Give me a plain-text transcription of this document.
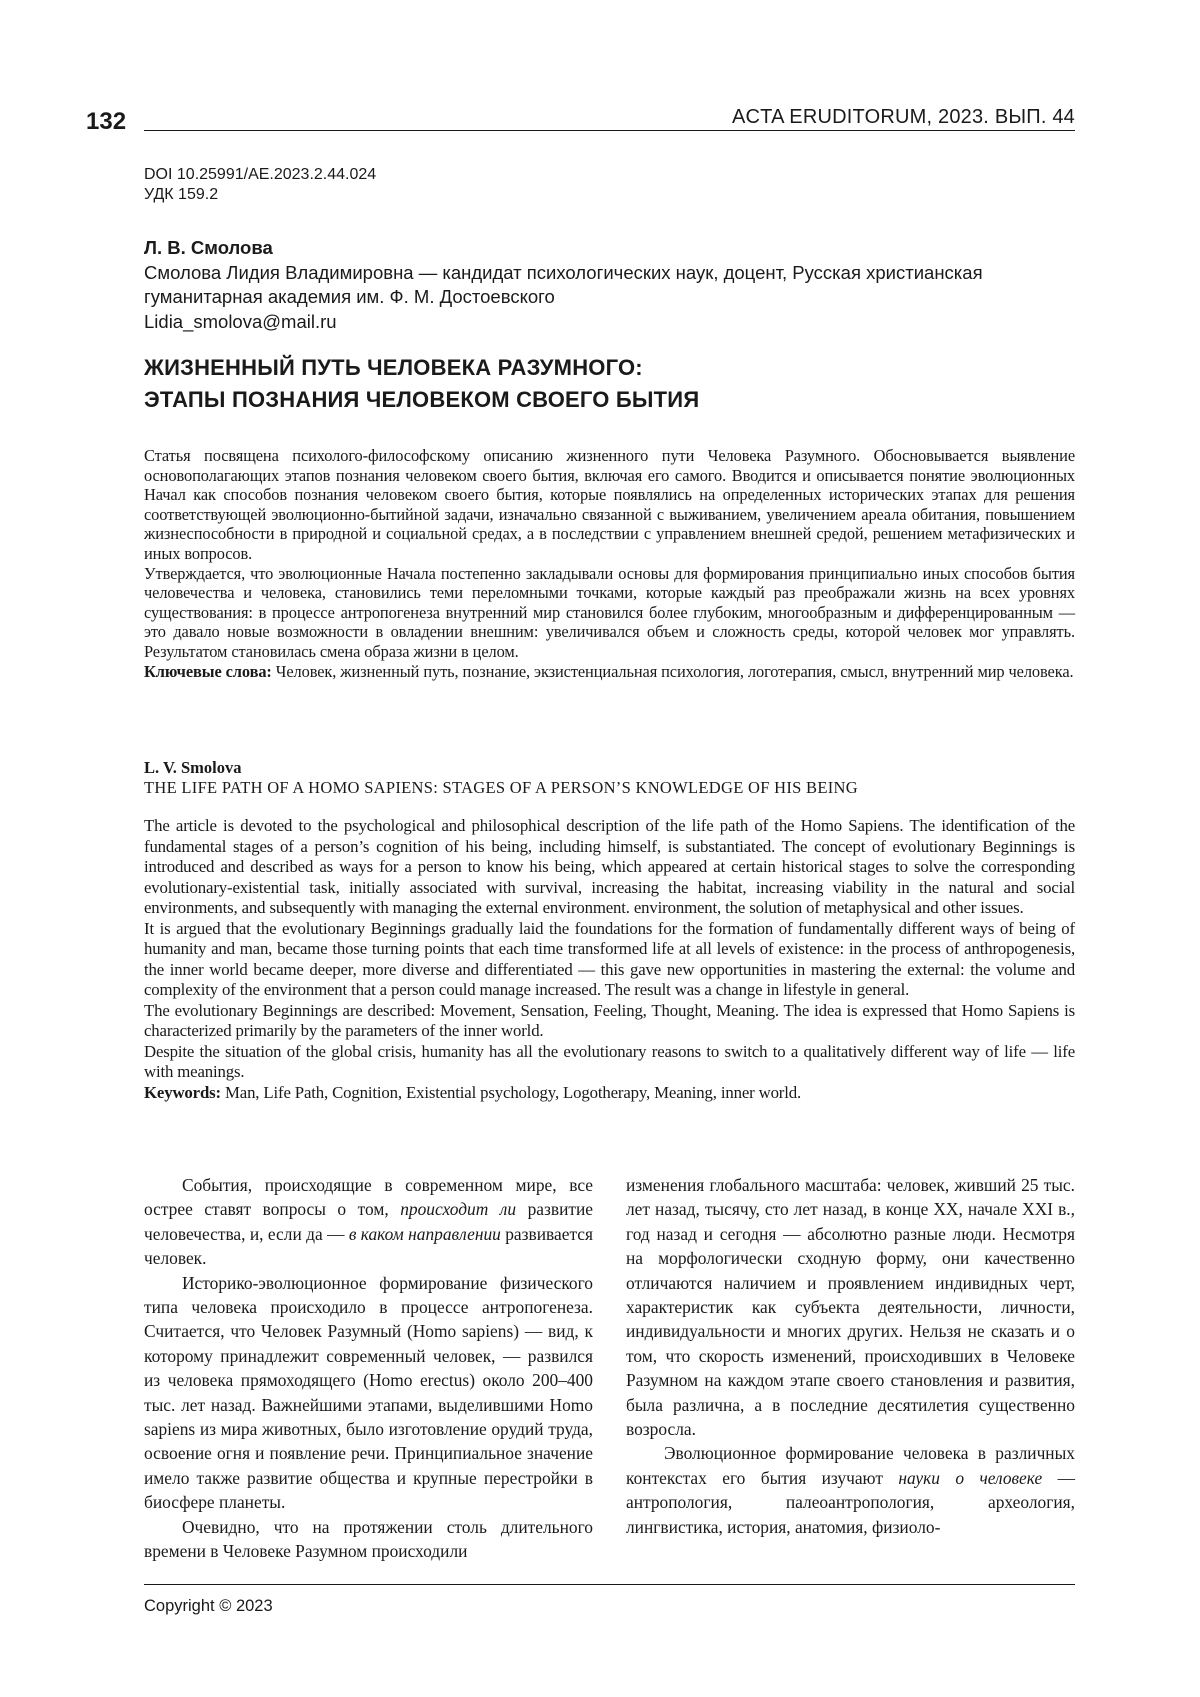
132	ACTA ERUDITORUM, 2023. ВЫП. 44
DOI 10.25991/AE.2023.2.44.024
УДК 159.2
Л. В. Смолова
Смолова Лидия Владимировна — кандидат психологических наук, доцент, Русская христианская гуманитарная академия им. Ф. М. Достоевского
Lidia_smolova@mail.ru
ЖИЗНЕННЫЙ ПУТЬ ЧЕЛОВЕКА РАЗУМНОГО:
ЭТАПЫ ПОЗНАНИЯ ЧЕЛОВЕКОМ СВОЕГО БЫТИЯ

Статья посвящена психолого-философскому описанию жизненного пути Человека Разумного. Обосновывается выявление основополагающих этапов познания человеком своего бытия, включая его самого. Вводится и описывается понятие эволюционных Начал как способов познания человеком своего бытия, которые появлялись на определенных исторических этапах для решения соответствующей эволюционно-бытийной задачи, изначально связанной с выживанием, увеличением ареала обитания, повышением жизнеспособности в природной и социальной средах, а в последствии с управлением внешней средой, решением метафизических и иных вопросов.

Утверждается, что эволюционные Начала постепенно закладывали основы для формирования принципиально иных способов бытия человечества и человека, становились теми переломными точками, которые каждый раз преображали жизнь на всех уровнях существования: в процессе антропогенеза внутренний мир становился более глубоким, многообразным и дифференцированным — это давало новые возможности в овладении внешним: увеличивался объем и сложность среды, которой человек мог управлять. Результатом становилась смена образа жизни в целом.

Ключевые слова: Человек, жизненный путь, познание, экзистенциальная психология, логотерапия, смысл, внутренний мир человека.

L. V. Smolova
THE LIFE PATH OF A HOMO SAPIENS: STAGES OF A PERSON’S KNOWLEDGE OF HIS BEING

The article is devoted to the psychological and philosophical description of the life path of the Homo Sapiens. The identification of the fundamental stages of a person’s cognition of his being, including himself, is substantiated. The concept of evolutionary Beginnings is introduced and described as ways for a person to know his being, which appeared at certain historical stages to solve the corresponding evolutionary-existential task, initially associated with survival, increasing the habitat, increasing viability in the natural and social environments, and subsequently with managing the external environment. environment, the solution of metaphysical and other issues.

It is argued that the evolutionary Beginnings gradually laid the foundations for the formation of fundamentally different ways of being of humanity and man, became those turning points that each time transformed life at all levels of existence: in the process of anthropogenesis, the inner world became deeper, more diverse and differentiated — this gave new opportunities in mastering the external: the volume and complexity of the environment that a person could manage increased. The result was a change in lifestyle in general.

The evolutionary Beginnings are described: Movement, Sensation, Feeling, Thought, Meaning. The idea is expressed that Homo Sapiens is characterized primarily by the parameters of the inner world.

Despite the situation of the global crisis, humanity has all the evolutionary reasons to switch to a qualitatively different way of life — life with meanings.

Keywords: Man, Life Path, Cognition, Existential psychology, Logotherapy, Meaning, inner world.

События, происходящие в современном мире, все острее ставят вопросы о том, происходит ли развитие человечества, и, если да — в каком направлении развивается человек.

Историко-эволюционное формирование физического типа человека происходило в процессе антропогенеза. Считается, что Человек Разумный (Homo sapiens) — вид, к которому принадлежит современный человек, — развился из человека прямоходящего (Homo erectus) около 200–400 тыс. лет назад. Важнейшими этапами, выделившими Homo sapiens из мира животных, было изготовление орудий труда, освоение огня и появление речи. Принципиальное значение имело также развитие общества и крупные перестройки в биосфере планеты.

Очевидно, что на протяжении столь длительного времени в Человеке Разумном происходили

изменения глобального масштаба: человек, живший 25 тыс. лет назад, тысячу, сто лет назад, в конце XX, начале XXI в., год назад и сегодня — абсолютно разные люди. Несмотря на морфологически сходную форму, они качественно отличаются наличием и проявлением индивидных черт, характеристик как субъекта деятельности, личности, индивидуальности и многих других. Нельзя не сказать и о том, что скорость изменений, происходивших в Человеке Разумном на каждом этапе своего становления и развития, была различна, а в последние десятилетия существенно возросла.

Эволюционное формирование человека в различных контекстах его бытия изучают науки о человеке — антропология, палеоантропология, археология, лингвистика, история, анатомия, физиоло-

Copyright © 2023
